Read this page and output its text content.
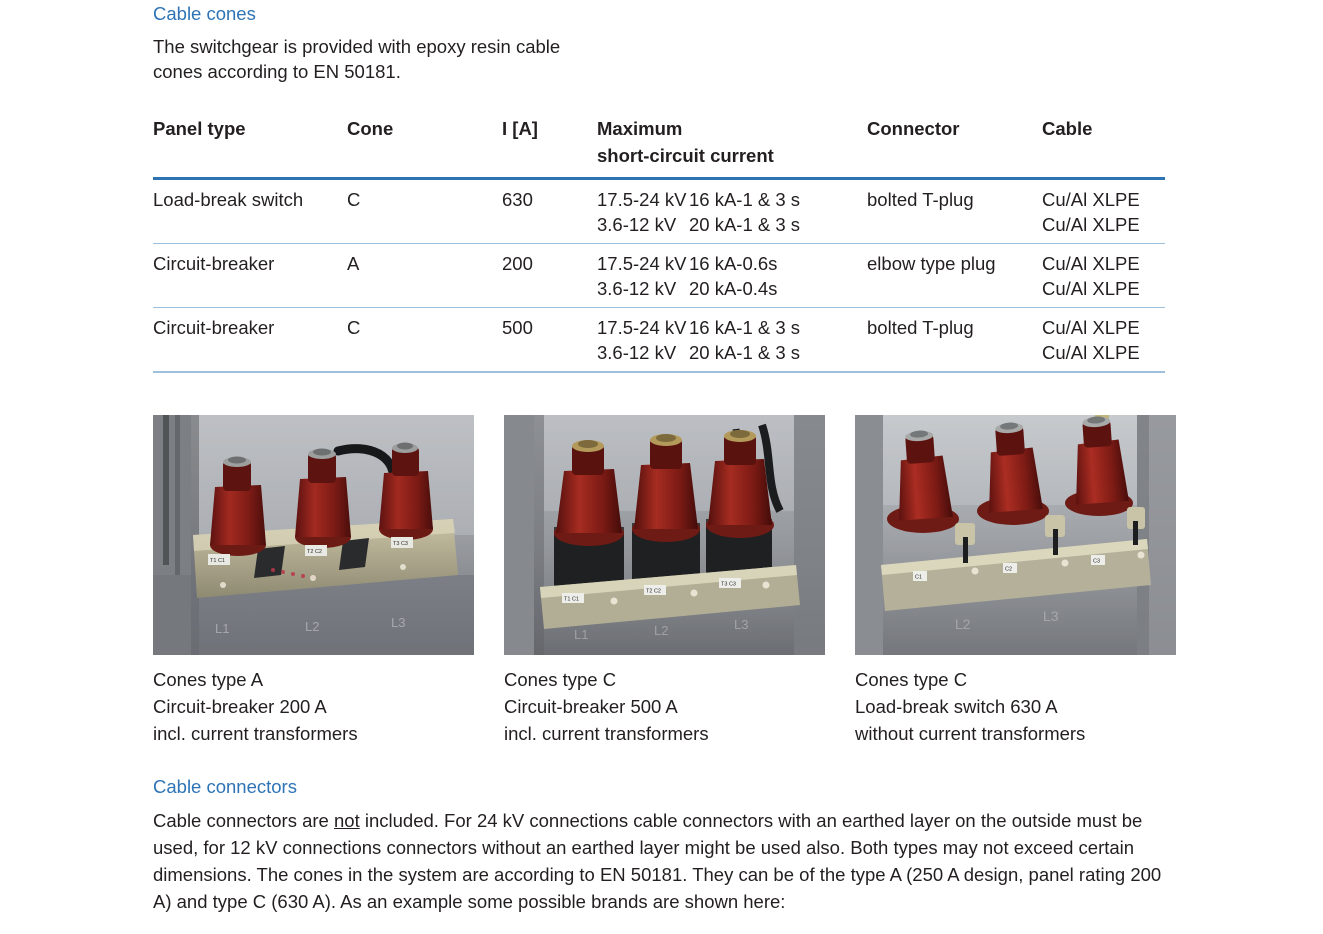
Cable cones
The switchgear is provided with epoxy resin cable
cones according to EN 50181.
Panel type	Cone	I [A]	Maximum	Connector	Cable
			short-circuit current		
Load-break switch	C	630	17.5-24 kV 16 kA-1 & 3 s	bolted T-plug	Cu/Al XLPE
			3.6-12 kV 20 kA-1 & 3 s		Cu/Al XLPE
Circuit-breaker	A	200	17.5-24 kV 16 kA-0.6s	elbow type plug	Cu/Al XLPE
			3.6-12 kV 20 kA-0.4s		Cu/Al XLPE
Circuit-breaker	C	500	17.5-24 kV 16 kA-1 & 3 s	bolted T-plug	Cu/Al XLPE
			3.6-12 kV 20 kA-1 & 3 s		Cu/Al XLPE
T1 C1
T2 C2
T3 C3
L1	L2	L3
Cones type A
Circuit-breaker 200 A
incl. current transformers
T1 C1
T2 C2
T3 C3
L1	L2	L3
Cones type C
Circuit-breaker 500 A
incl. current transformers
C1
C2
C3
L2	L3
Cones type C
Load-break switch 630 A
without current transformers
Cable connectors

Cable connectors are not included. For 24 kV connections cable connectors with an earthed layer on the outside must be used, for 12 kV connections connectors without an earthed layer might be used also. Both types may not exceed certain dimensions. The cones in the system are according to EN 50181. They can be of the type A (250 A design, panel rating 200 A) and type C (630 A). As an example some possible brands are shown here:
